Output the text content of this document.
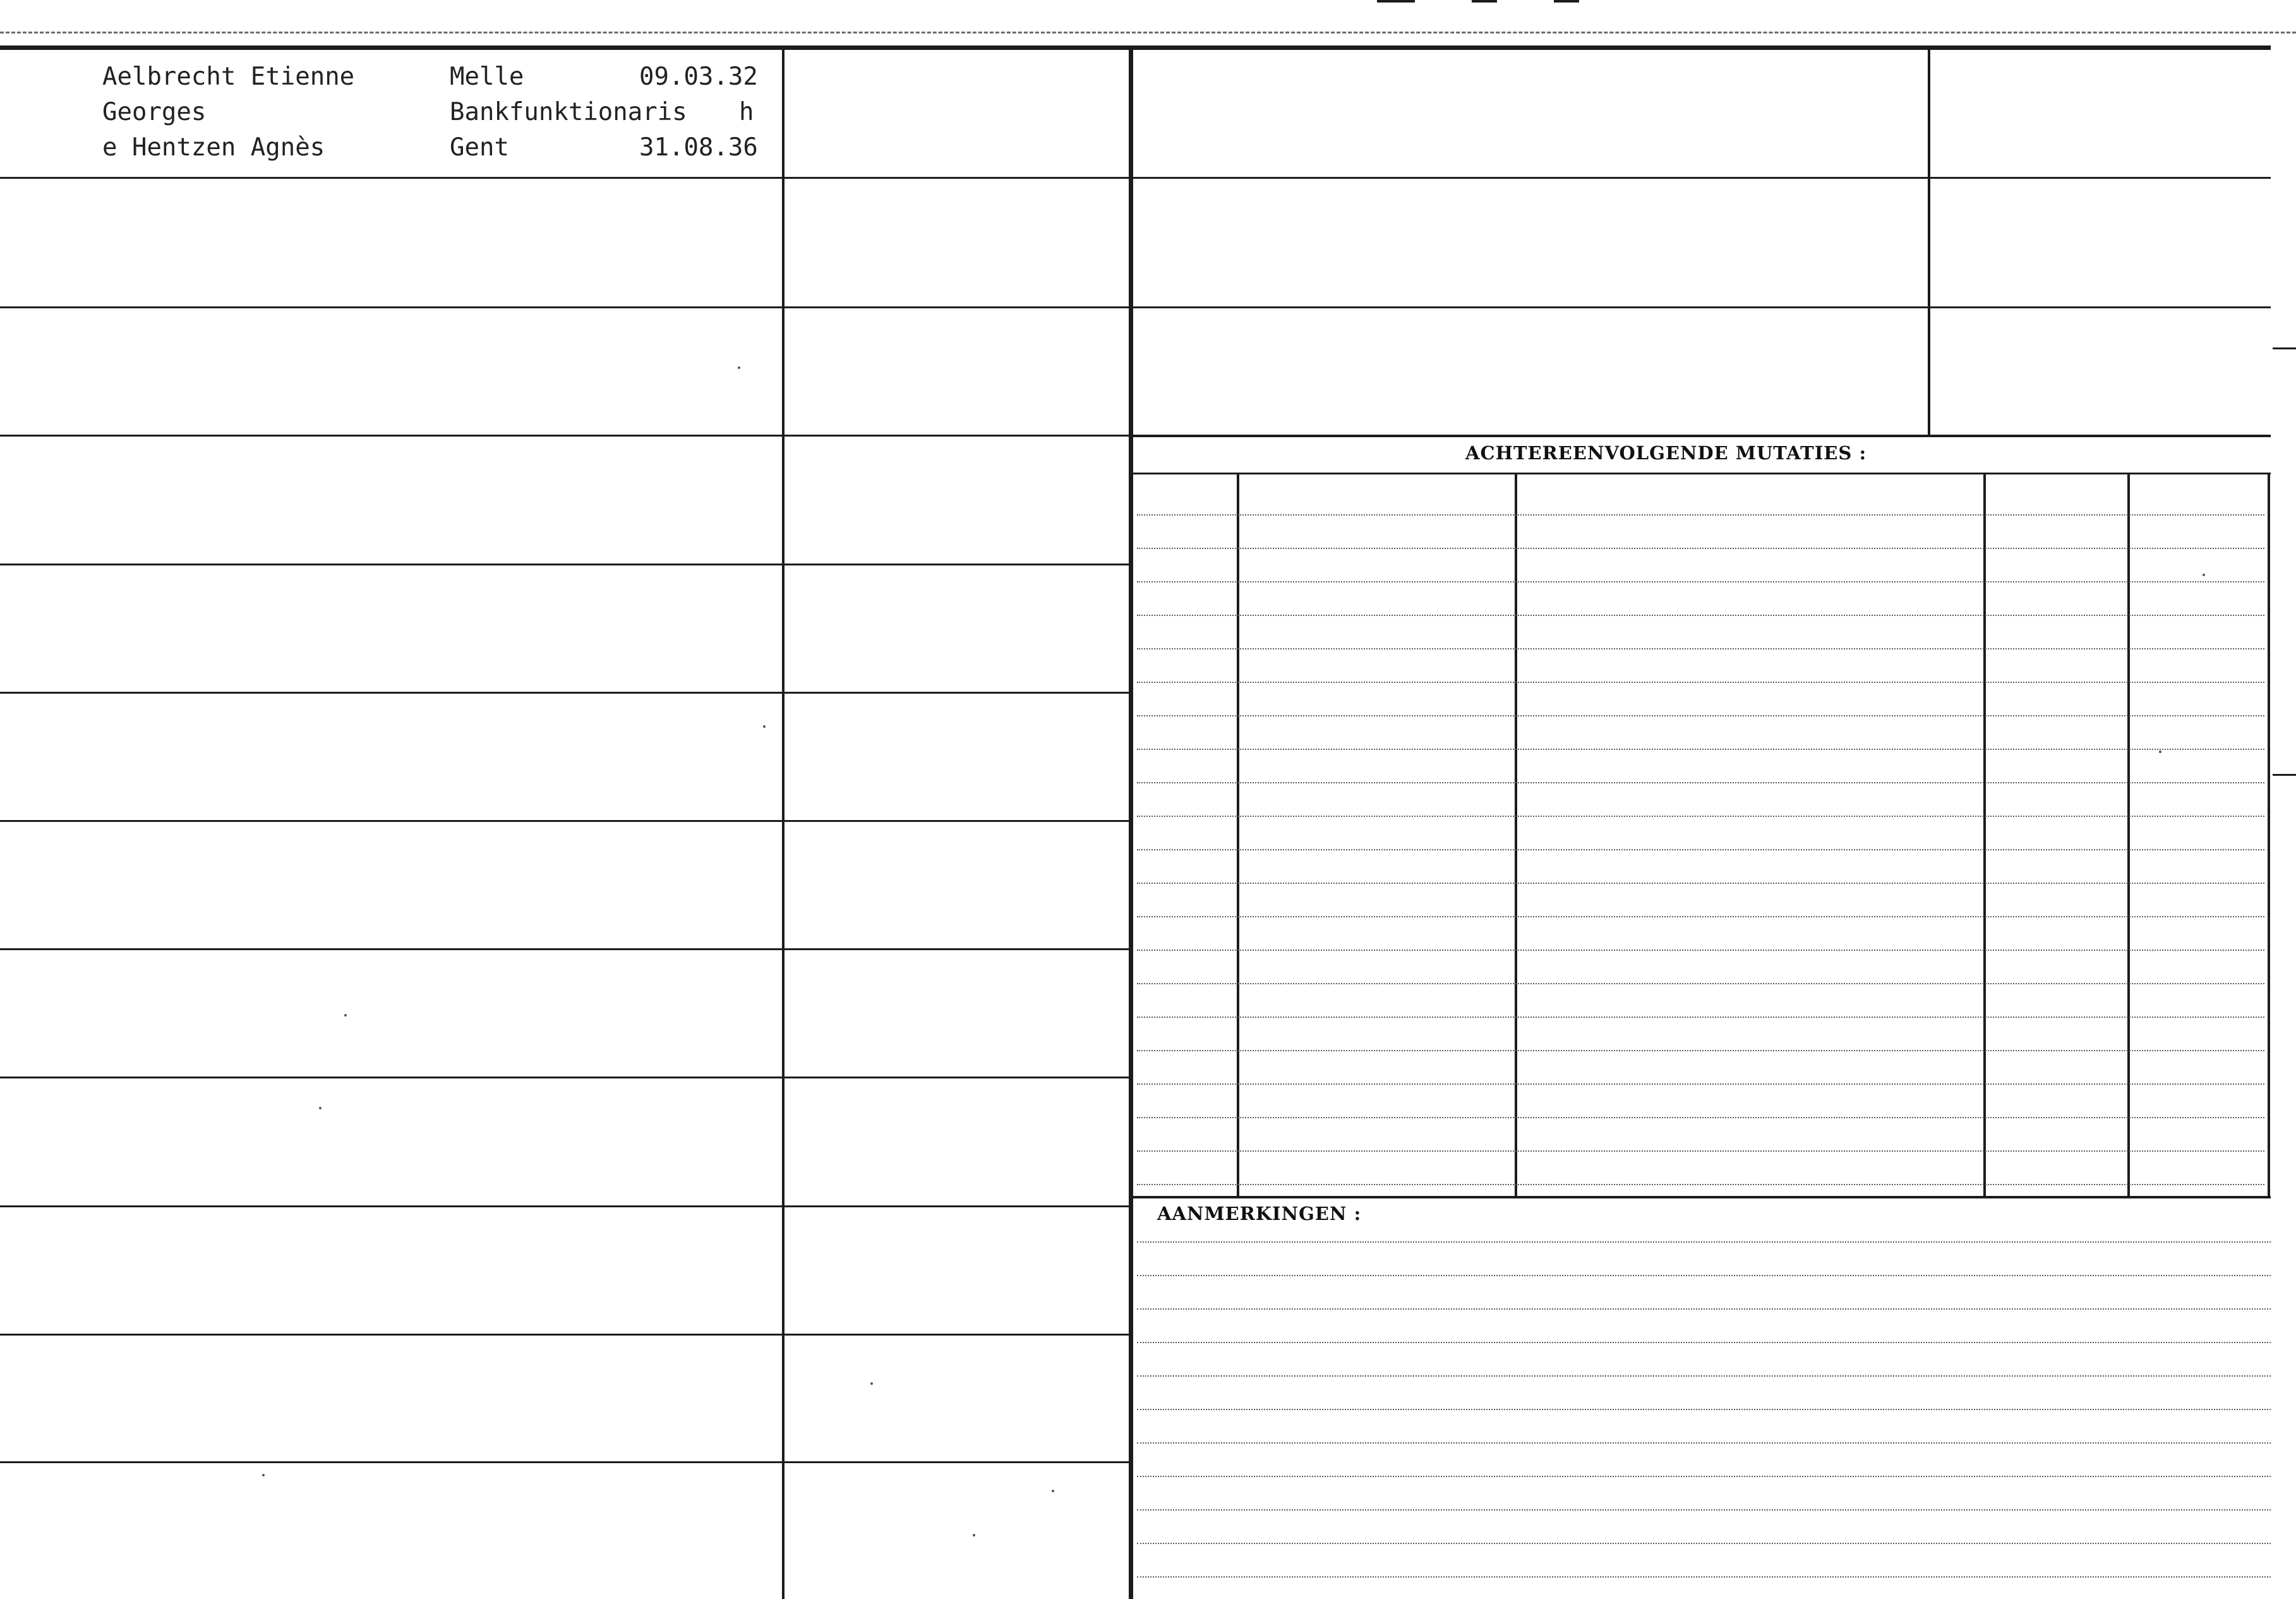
Aelbrecht Etienne
Georges
e Hentzen Agnès
Melle	09.03.32
Bankfunktionaris h
Gent	31.08.36
ACHTEREENVOLGENDE MUTATIES :
AANMERKINGEN :
